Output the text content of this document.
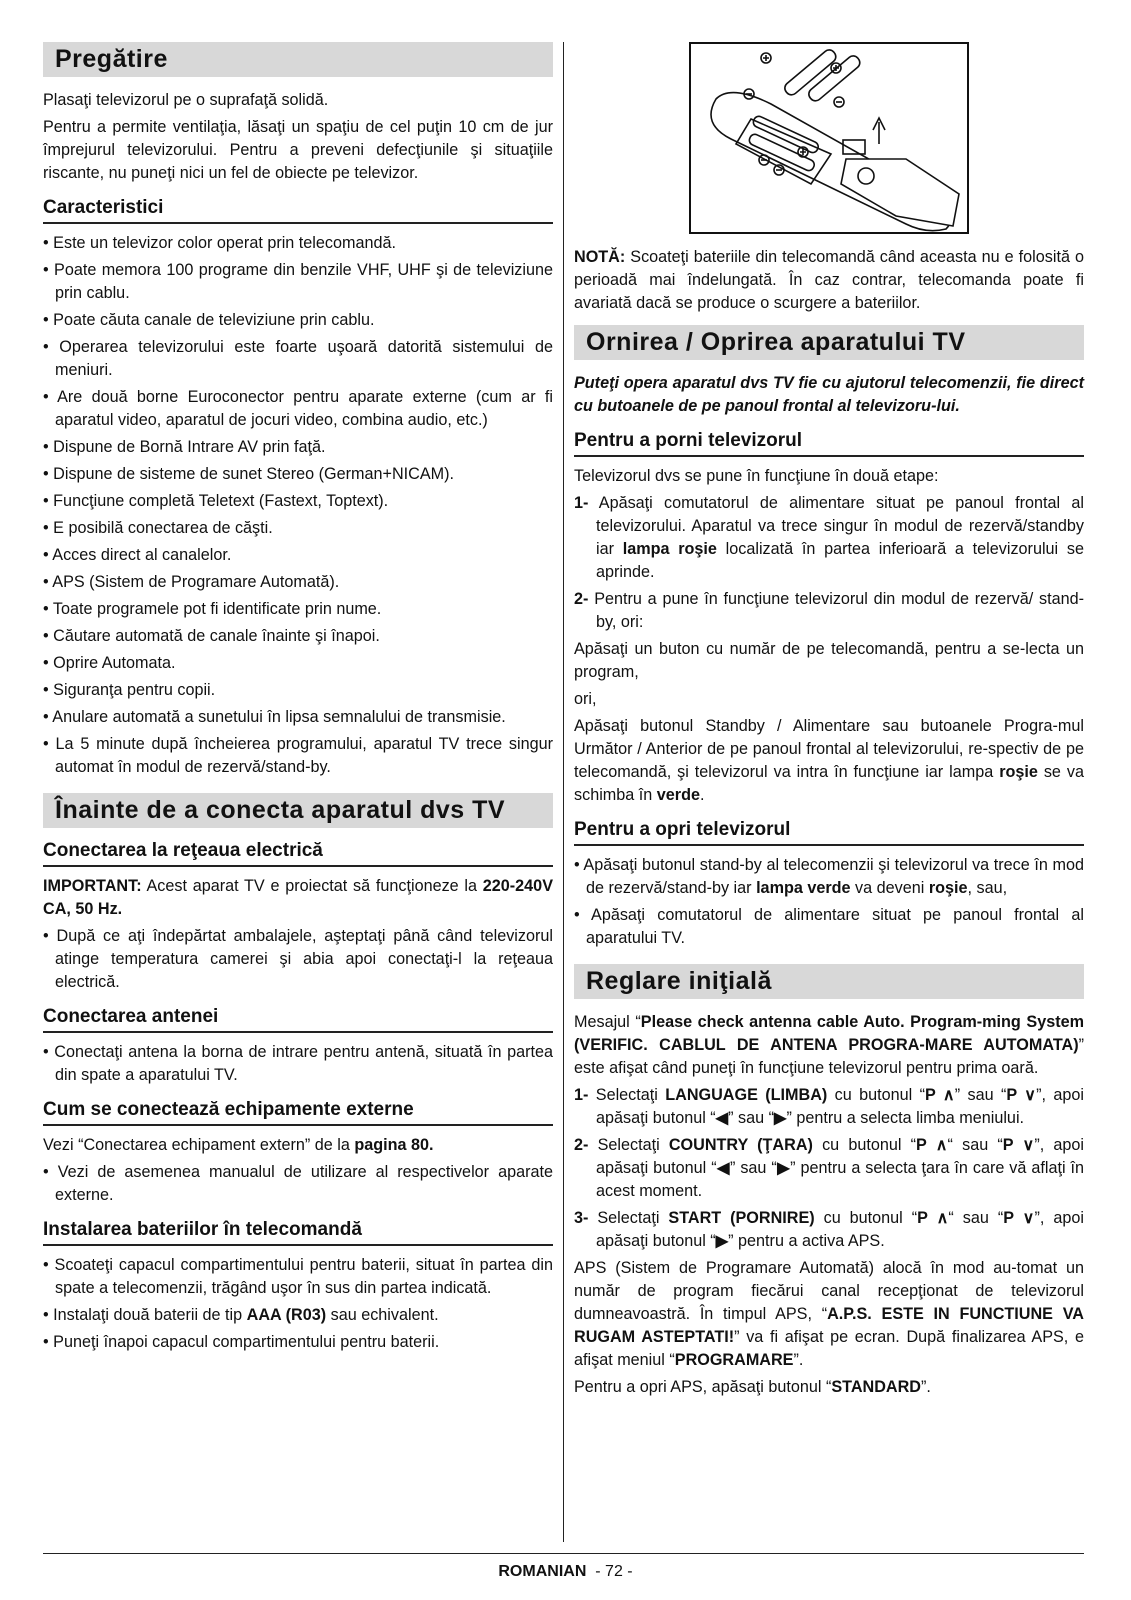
Pregătire

Plasaţi televizorul pe o suprafaţă solidă.

Pentru a permite ventilaţia, lăsaţi un spaţiu de cel puţin 10 cm de jur împrejurul televizorului. Pentru a preveni defecţiunile şi situaţiile riscante, nu puneţi nici un fel de obiecte pe televizor.

Caracteristici
• Este un televizor color operat prin telecomandă.
• Poate memora 100 programe din benzile VHF, UHF şi de televiziune prin cablu.
• Poate căuta canale de televiziune prin cablu.
• Operarea televizorului este foarte uşoară datorită sistemului de meniuri.
• Are două borne Euroconector pentru aparate externe (cum ar fi aparatul video, aparatul de jocuri video, combina audio, etc.)
• Dispune de Bornă Intrare AV prin faţă.
• Dispune de sisteme de sunet Stereo (German+NICAM).
• Funcţiune completă Teletext (Fastext, Toptext).
• E posibilă conectarea de căşti.
• Acces direct al canalelor.
• APS (Sistem de Programare Automată).
• Toate programele pot fi identificate prin nume.
• Căutare automată de canale înainte şi înapoi.
• Oprire Automata.
• Siguranţa pentru copii.
• Anulare automată a sunetului în lipsa semnalului de transmisie.
• La 5 minute după încheierea programului, aparatul TV trece singur automat în modul de rezervă/stand-by.
Înainte de a conecta aparatul dvs TV
Conectarea la reţeaua electrică

IMPORTANT: Acest aparat TV e proiectat să funcţioneze la 220-240V CA, 50 Hz.

• După ce aţi îndepărtat ambalajele, aşteptaţi până când televizorul atinge temperatura camerei şi abia apoi conectaţi-l la reţeaua electrică.
Conectarea antenei
• Conectaţi antena la borna de intrare pentru antenă, situată în partea din spate a aparatului TV.
Cum se conectează echipamente externe

Vezi “Conectarea echipament extern” de la pagina 80.

• Vezi de asemenea manualul de utilizare al respectivelor aparate externe.
Instalarea bateriilor în telecomandă
• Scoateţi capacul compartimentului pentru baterii, situat în partea din spate a telecomenzii, trăgând uşor în sus din partea indicată.
• Instalaţi două baterii de tip AAA (R03) sau echivalent.
• Puneţi înapoi capacul compartimentului pentru baterii.

NOTĂ: Scoateţi bateriile din telecomandă când aceasta nu e folosită o perioadă mai îndelungată. În caz contrar, telecomanda poate fi avariată dacă se produce o scurgere a bateriilor.

Ornirea / Oprirea aparatului TV

Puteţi opera aparatul dvs TV fie cu ajutorul telecomenzii, fie direct cu butoanele de pe panoul frontal al televizoru-lui.

Pentru a porni televizorul

Televizorul dvs se pune în funcţiune în două etape:

1- Apăsaţi comutatorul de alimentare situat pe panoul frontal al televizorului. Aparatul va trece singur în modul de rezervă/standby iar lampa roşie localizată în partea inferioară a televizorului se aprinde.
2- Pentru a pune în funcţiune televizorul din modul de rezervă/ stand-by, ori:

Apăsaţi un buton cu număr de pe telecomandă, pentru a se-lecta un program,

ori,

Apăsaţi butonul Standby / Alimentare sau butoanele Progra-mul Următor / Anterior de pe panoul frontal al televizorului, re-spectiv de pe telecomandă, şi televizorul va intra în funcţiune iar lampa roşie se va schimba în verde.

Pentru a opri televizorul
• Apăsaţi butonul stand-by al telecomenzii şi televizorul va trece în mod de rezervă/stand-by iar lampa verde va deveni roşie, sau,
• Apăsaţi comutatorul de alimentare situat pe panoul frontal al aparatului TV.
Reglare iniţială

Mesajul “Please check antenna cable Auto. Program-ming System (VERIFIC. CABLUL DE ANTENA PROGRA-MARE AUTOMATA)” este afişat când puneţi în funcţiune televizorul pentru prima oară.

1- Selectaţi LANGUAGE (LIMBA) cu butonul “P ∧” sau “P ∨”, apoi apăsaţi butonul “◀” sau “▶” pentru a selecta limba meniului.
2- Selectaţi COUNTRY (ŢARA) cu butonul “P ∧“ sau “P ∨”, apoi apăsaţi butonul “◀” sau “▶” pentru a selecta ţara în care vă aflaţi în acest moment.
3- Selectaţi START (PORNIRE) cu butonul “P ∧“ sau “P ∨”, apoi apăsaţi butonul “▶” pentru a activa APS.

APS (Sistem de Programare Automată) alocă în mod au-tomat un număr de program fiecărui canal recepţionat de televizorul dumneavoastră. În timpul APS, “A.P.S. ESTE IN FUNCTIUNE VA RUGAM ASTEPTATI!” va fi afişat pe ecran. După finalizarea APS, e afişat meniul “PROGRAMARE”.

Pentru a opri APS, apăsaţi butonul “STANDARD”.

ROMANIAN  - 72 -
